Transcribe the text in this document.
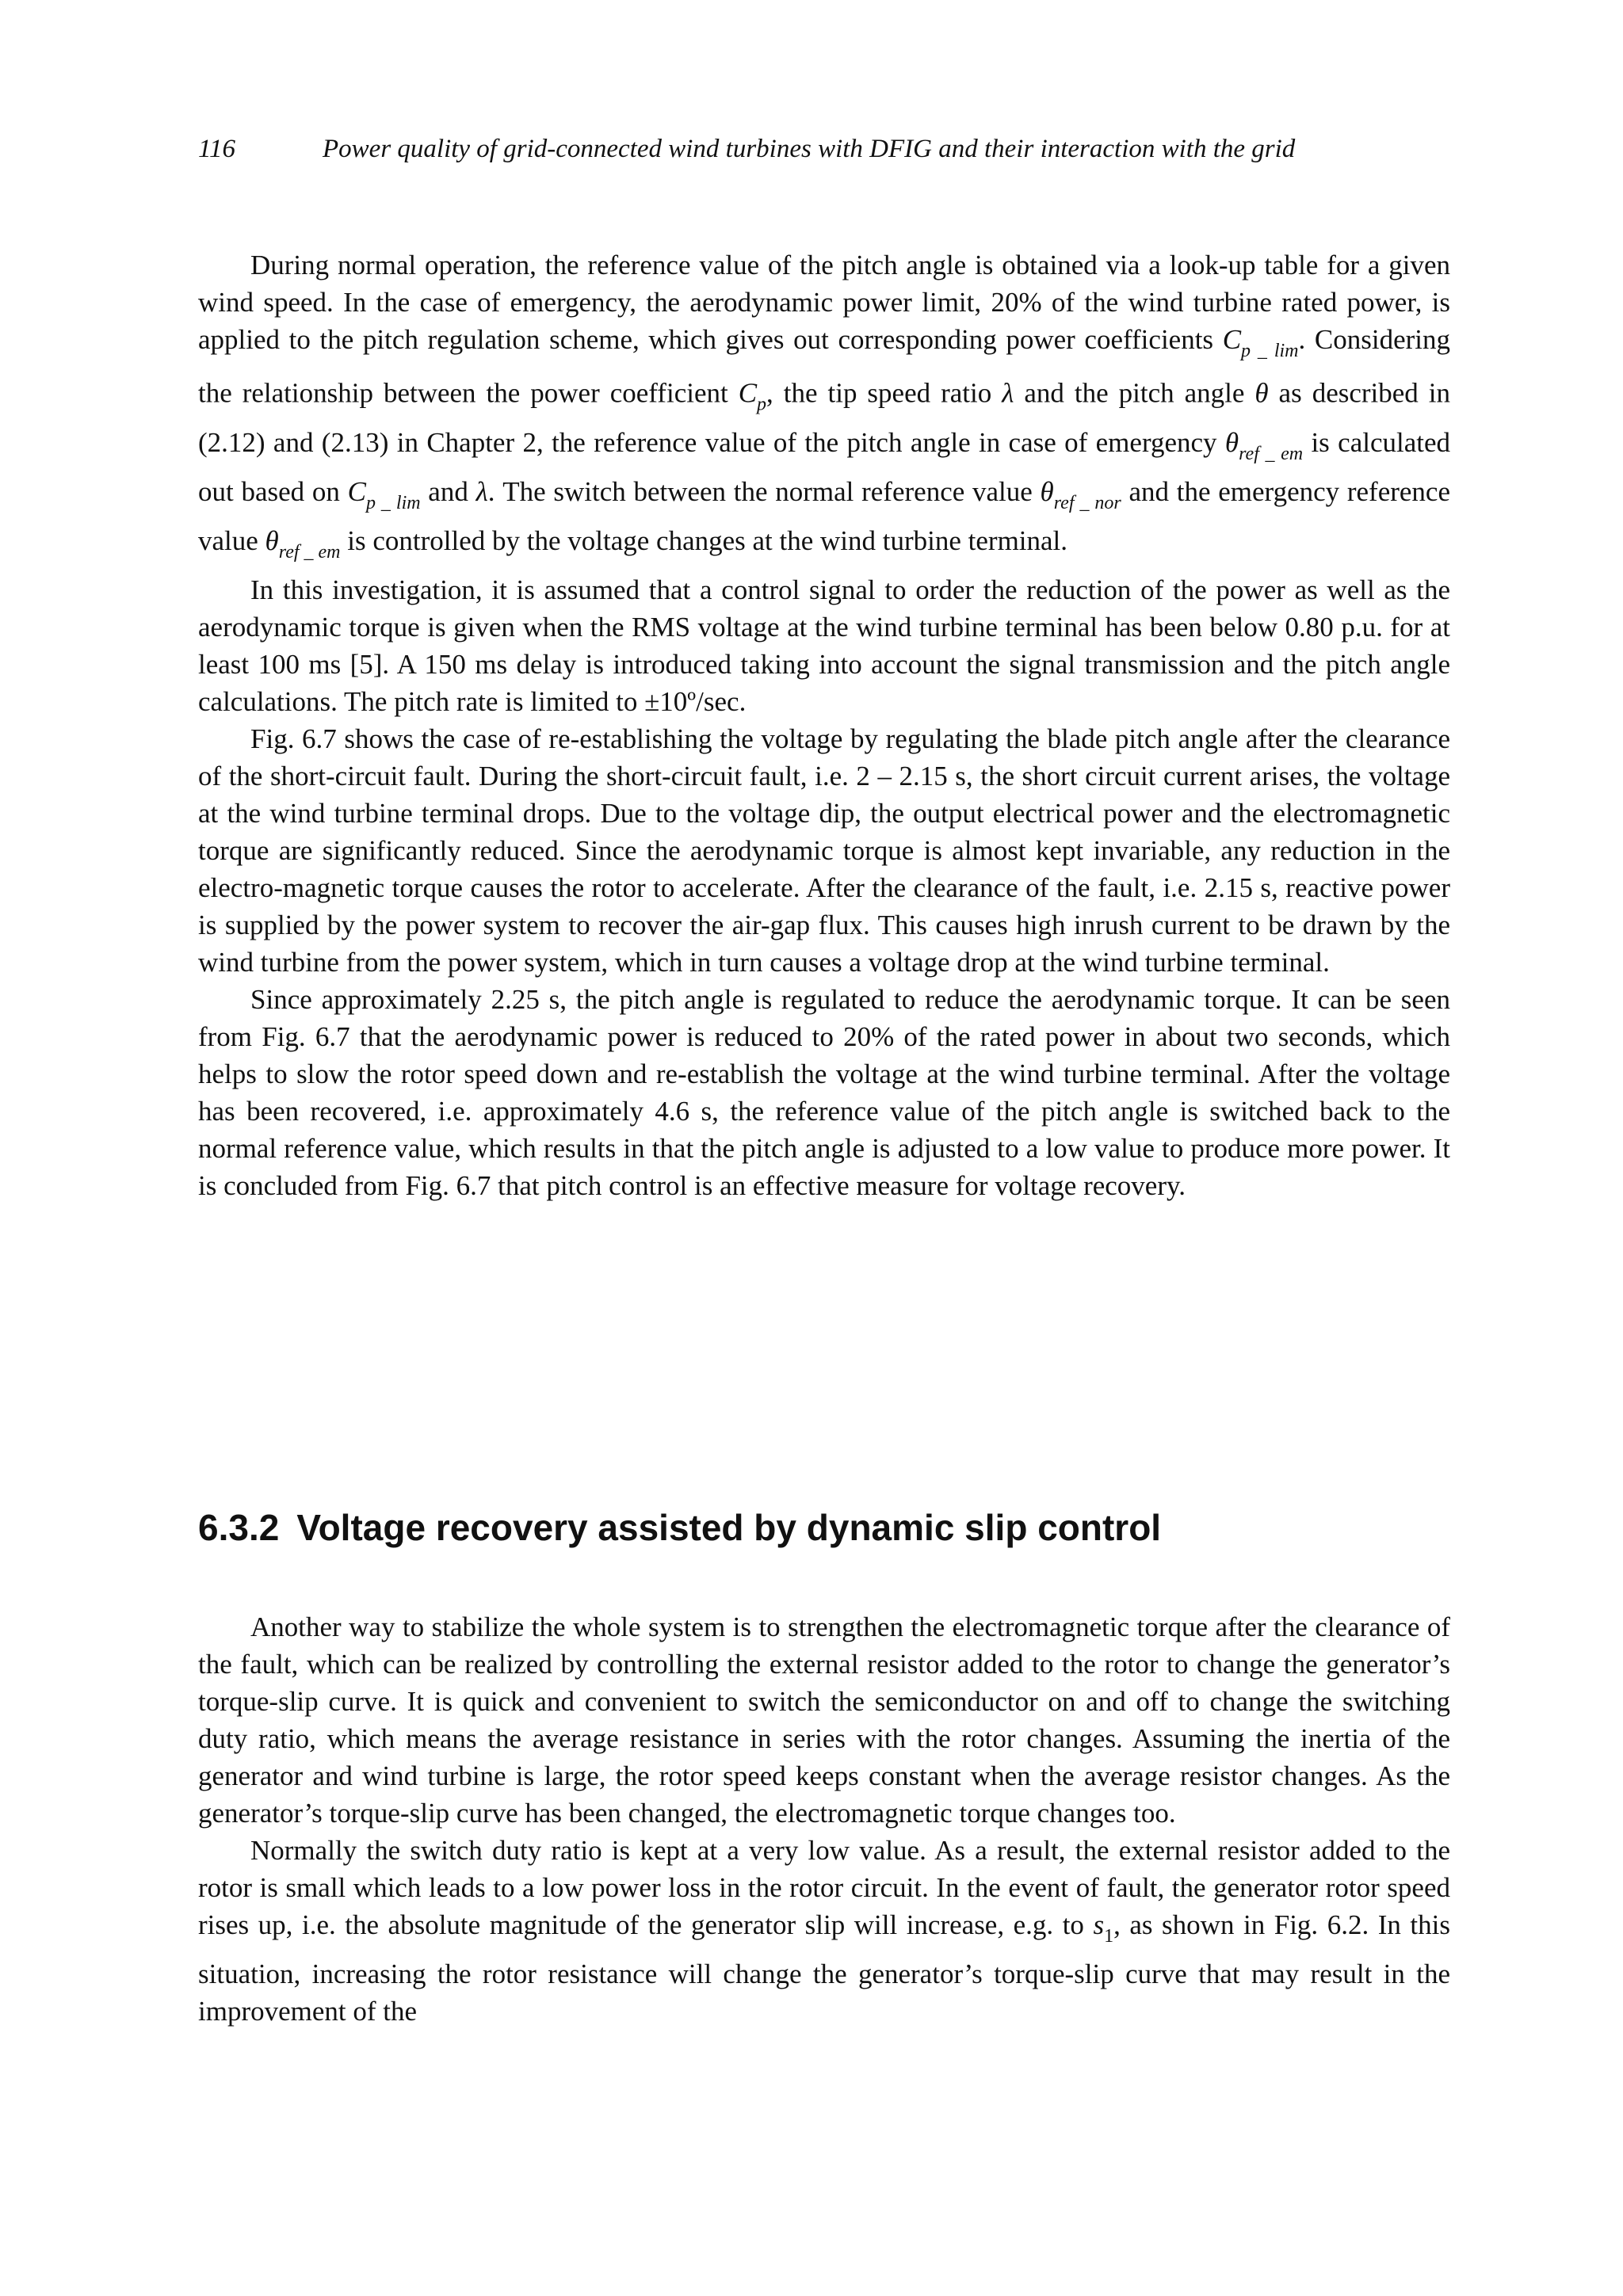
116	Power quality of grid-connected wind turbines with DFIG and their interaction with the grid

During normal operation, the reference value of the pitch angle is obtained via a look-up table for a given wind speed. In the case of emergency, the aerodynamic power limit, 20% of the wind turbine rated power, is applied to the pitch regulation scheme, which gives out corresponding power coefficients $C_{p \_ lim}$. Considering the relationship between the power coefficient $C_p$, the tip speed ratio λ and the pitch angle θ as described in (2.12) and (2.13) in Chapter 2, the reference value of the pitch angle in case of emergency $\theta_{ref \_ em}$ is calculated out based on $C_{p \_ lim}$ and λ. The switch between the normal reference value $\theta_{ref \_ nor}$ and the emergency reference value $\theta_{ref \_ em}$ is controlled by the voltage changes at the wind turbine terminal.

In this investigation, it is assumed that a control signal to order the reduction of the power as well as the aerodynamic torque is given when the RMS voltage at the wind turbine terminal has been below 0.80 p.u. for at least 100 ms [5]. A 150 ms delay is introduced taking into account the signal transmission and the pitch angle calculations. The pitch rate is limited to ±10º/sec.

Fig. 6.7 shows the case of re-establishing the voltage by regulating the blade pitch angle after the clearance of the short-circuit fault. During the short-circuit fault, i.e. 2 – 2.15 s, the short circuit current arises, the voltage at the wind turbine terminal drops. Due to the voltage dip, the output electrical power and the electromagnetic torque are significantly reduced. Since the aerodynamic torque is almost kept invariable, any reduction in the electro-magnetic torque causes the rotor to accelerate. After the clearance of the fault, i.e. 2.15 s, reactive power is supplied by the power system to recover the air-gap flux. This causes high inrush current to be drawn by the wind turbine from the power system, which in turn causes a voltage drop at the wind turbine terminal.

Since approximately 2.25 s, the pitch angle is regulated to reduce the aerodynamic torque. It can be seen from Fig. 6.7 that the aerodynamic power is reduced to 20% of the rated power in about two seconds, which helps to slow the rotor speed down and re-establish the voltage at the wind turbine terminal. After the voltage has been recovered, i.e. approximately 4.6 s, the reference value of the pitch angle is switched back to the normal reference value, which results in that the pitch angle is adjusted to a low value to produce more power. It is concluded from Fig. 6.7 that pitch control is an effective measure for voltage recovery.

6.3.2 Voltage recovery assisted by dynamic slip control

Another way to stabilize the whole system is to strengthen the electromagnetic torque after the clearance of the fault, which can be realized by controlling the external resistor added to the rotor to change the generator’s torque-slip curve. It is quick and convenient to switch the semiconductor on and off to change the switching duty ratio, which means the average resistance in series with the rotor changes. Assuming the inertia of the generator and wind turbine is large, the rotor speed keeps constant when the average resistor changes. As the generator’s torque-slip curve has been changed, the electromagnetic torque changes too.

Normally the switch duty ratio is kept at a very low value. As a result, the external resistor added to the rotor is small which leads to a low power loss in the rotor circuit. In the event of fault, the generator rotor speed rises up, i.e. the absolute magnitude of the generator slip will increase, e.g. to $s_1$, as shown in Fig. 6.2. In this situation, increasing the rotor resistance will change the generator’s torque-slip curve that may result in the improvement of the
